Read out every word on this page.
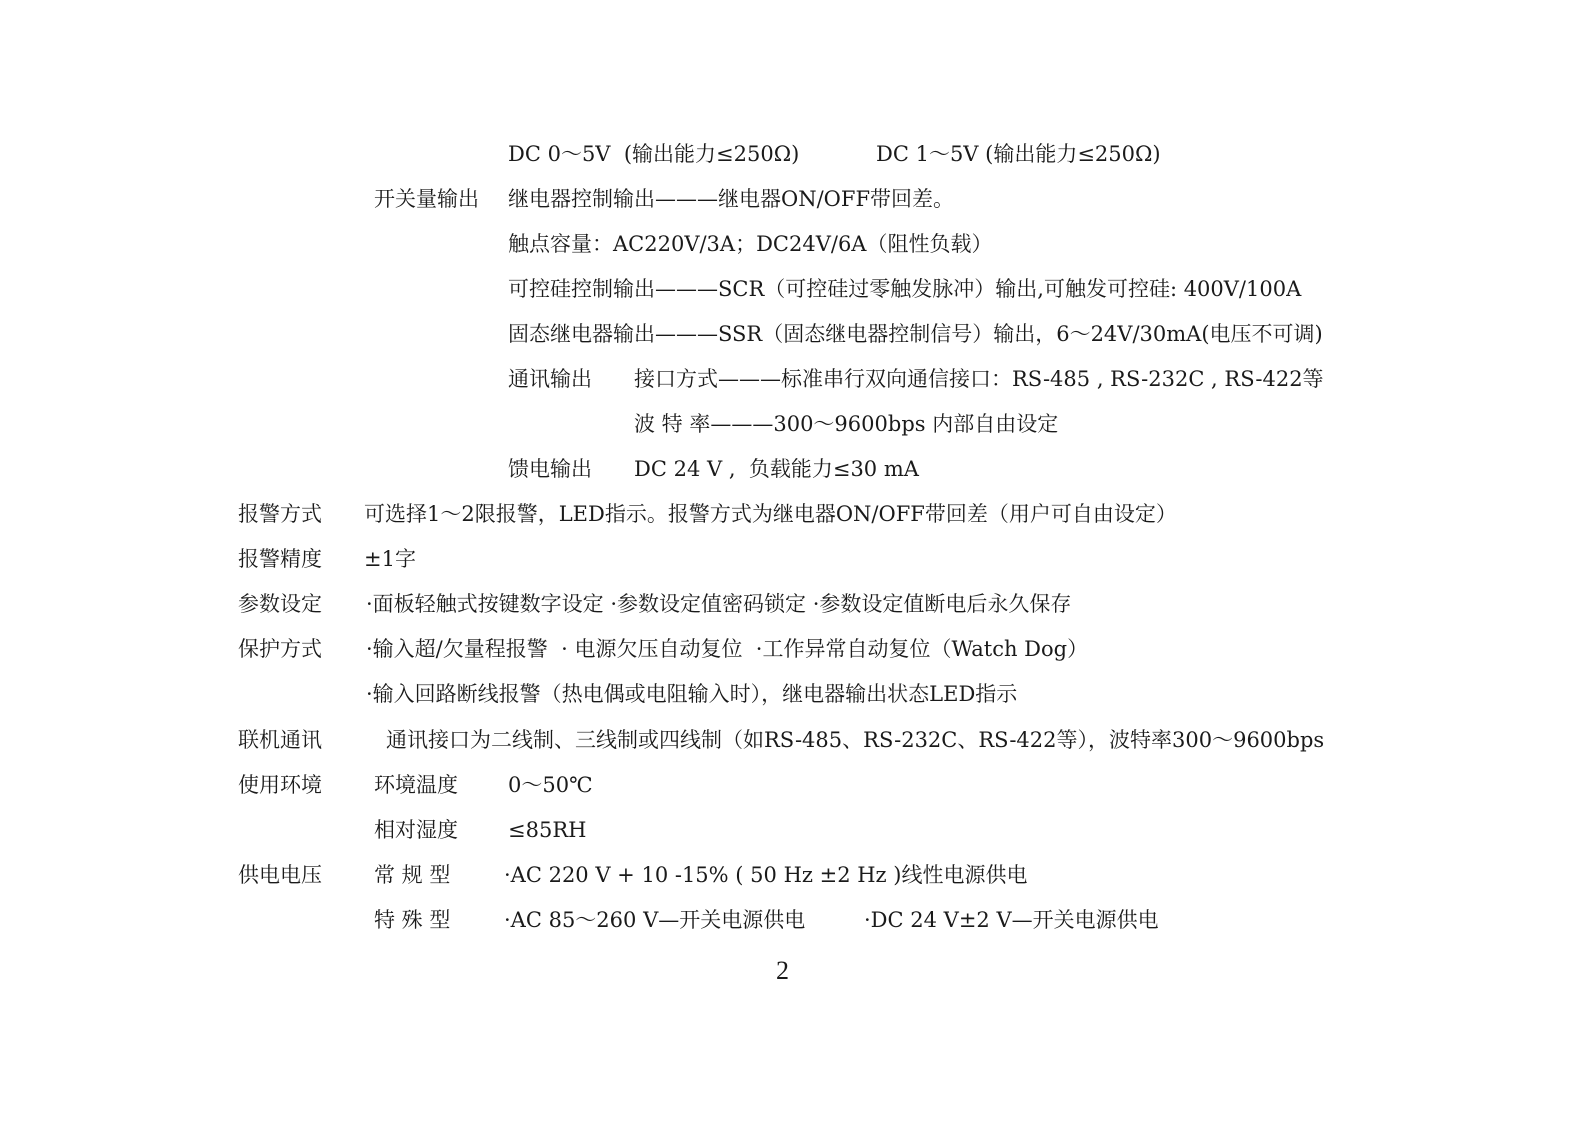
DC 0～5V  (输出能力≤250Ω)	DC 1～5V (输出能力≤250Ω)
开关量输出 继电器控制输出———继电器ON/OFF带回差。
触点容量：AC220V/3A；DC24V/6A（阻性负载）
可控硅控制输出———SCR（可控硅过零触发脉冲）输出,可触发可控硅: 400V/100A
固态继电器输出———SSR（固态继电器控制信号）输出，6～24V/30mA(电压不可调)
通讯输出 接口方式———标准串行双向通信接口：RS-485 , RS-232C , RS-422等
波 特 率———300～9600bps 内部自由设定
馈电输出 DC 24 V ,  负载能力≤30 mA
报警方式 可选择1～2限报警，LED指示。报警方式为继电器ON/OFF带回差（用户可自由设定）
报警精度 ±1字
参数设定 ·面板轻触式按键数字设定 ·参数设定值密码锁定 ·参数设定值断电后永久保存
保护方式 ·输入超/欠量程报警  · 电源欠压自动复位  ·工作异常自动复位（Watch Dog）
·输入回路断线报警（热电偶或电阻输入时），继电器输出状态LED指示
联机通讯	通讯接口为二线制、三线制或四线制（如RS-485、RS-232C、RS-422等），波特率300～9600bps
使用环境 环境温度 0～50℃
相对湿度 ≤85RH
供电电压 常 规 型	·AC 220 V + 10 -15% ( 50 Hz ±2 Hz )线性电源供电
特 殊 型	·AC 85～260 V—开关电源供电	·DC 24 V±2 V—开关电源供电
2
